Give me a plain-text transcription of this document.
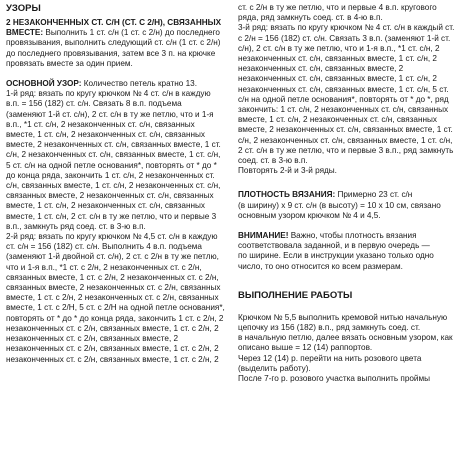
УЗОРЫ
2 НЕЗАКОНЧЕННЫХ СТ. С/Н (СТ. С 2/Н), СВЯЗАННЫХ
ВМЕСТЕ: Выполнить 1 ст. с/н (1 ст. с 2/н) до последнего
провязывания, выполнить следующий ст. с/н (1 ст. с 2/н)
до последнего провязывания, затем все 3 п. на крючке
провязать вместе за один прием.
ОСНОВНОЙ УЗОР: Количество петель кратно 13.
1-й ряд: вязать по кругу крючком № 4 ст. с/н в каждую
в.п. = 156 (182) ст. с/н. Связать 8 в.п. подъема
(заменяют 1-й ст. с/н), 2 ст. с/н в ту же петлю, что и 1-я
в.п., *1 ст. с/н, 2 незаконченных ст. с/н, связанных
вместе, 1 ст. с/н, 2 незаконченных ст. с/н, связанных
вместе, 2 незаконченных ст. с/н, связанных вместе, 1 ст.
с/н, 2 незаконченных ст. с/н, связанных вместе, 1 ст. с/н,
5 ст. с/н на одной петле основания*, повторять от * до *
до конца ряда, закончить 1 ст. с/н, 2 незаконченных ст.
с/н, связанных вместе, 1 ст. с/н, 2 незаконченных ст. с/н,
связанных вместе, 2 незаконченных ст. с/н, связанных
вместе, 1 ст. с/н, 2 незаконченных ст. с/н, связанных
вместе, 1 ст. с/н, 2 ст. с/н в ту же петлю, что и первые 3
в.п., замкнуть ряд соед. ст. в 3-ю в.п.
2-й ряд: вязать по кругу крючком № 4,5 ст. с/н в каждую
ст. с/н = 156 (182) ст. с/н. Выполнить 4 в.п. подъема
(заменяют 1-й двойной ст. с/н), 2 ст. с 2/н в ту же петлю,
что и 1-я в.п., *1 ст. с 2/н, 2 незаконченных ст. с 2/н,
связанных вместе, 1 ст. с 2/н, 2 незаконченных ст. с 2/н,
связанных вместе, 2 незаконченных ст. с 2/н, связанных
вместе, 1 ст. с 2/н, 2 незаконченных ст. с 2/н, связанных
вместе, 1 ст. с 2/Н, 5 ст. с 2/Н на одной петле основания*,
повторять от * до * до конца ряда, закончить 1 ст. с 2/н, 2
незаконченных ст. с 2/н, связанных вместе, 1 ст. с 2/н, 2
незаконченных ст. с 2/н, связанных вместе, 2
незаконченных ст. с 2/н, связанных вместе, 1 ст. с 2/н, 2
незаконченных ст. с 2/н, связанных вместе, 1 ст. с 2/н, 2
ст. с 2/н в ту же петлю, что и первые 4 в.п. кругового
ряда, ряд замкнуть соед. ст. в 4-ю в.п.
3-й ряд: вязать по кругу крючком № 4 ст. с/н в каждый ст.
с 2/н = 156 (182) ст. с/н. Связать 3 в.п. (заменяют 1-й ст.
с/н), 2 ст. с/н в ту же петлю, что и 1-я в.п., *1 ст. с/н, 2
незаконченных ст. с/н, связанных вместе, 1 ст. с/н, 2
незаконченных ст. с/н, связанных вместе, 2
незаконченных ст. с/н, связанных вместе, 1 ст. с/н, 2
незаконченных ст. с/н, связанных вместе, 1 ст. с/н, 5 ст.
с/н на одной петле основания*, повторять от * до *, ряд
закончить: 1 ст. с/н, 2 незаконченных ст. с/н, связанных
вместе, 1 ст. с/н, 2 незаконченных ст. с/н, связанных
вместе, 2 незаконченных ст. с/н, связанных вместе, 1 ст.
с/н, 2 незаконченных ст. с/н, связанных вместе, 1 ст. с/н,
2 ст. с/н в ту же петлю, что и первые 3 в.п., ряд замкнуть
соед. ст. в 3-ю в.п.
Повторять 2-й и 3-й ряды.
ПЛОТНОСТЬ ВЯЗАНИЯ: Примерно 23 ст. с/н
(в ширину) х 9 ст. с/н (в высоту) = 10 х 10 см, связано
основным узором крючком № 4 и 4,5.
ВНИМАНИЕ! Важно, чтобы плотность вязания
соответствовала заданной, и в первую очередь —
по ширине. Если в инструкции указано только одно
число, то оно относится ко всем размерам.
ВЫПОЛНЕНИЕ РАБОТЫ
Крючком № 5,5 выполнить кремовой нитью начальную
цепочку из 156 (182) в.п., ряд замкнуть соед. ст.
в начальную петлю, далее вязать основным узором, как
описано выше = 12 (14) раппортов.
Через 12 (14) р. перейти на нить розового цвета
(выделить работу).
После 7-го р. розового участка выполнить проймы
